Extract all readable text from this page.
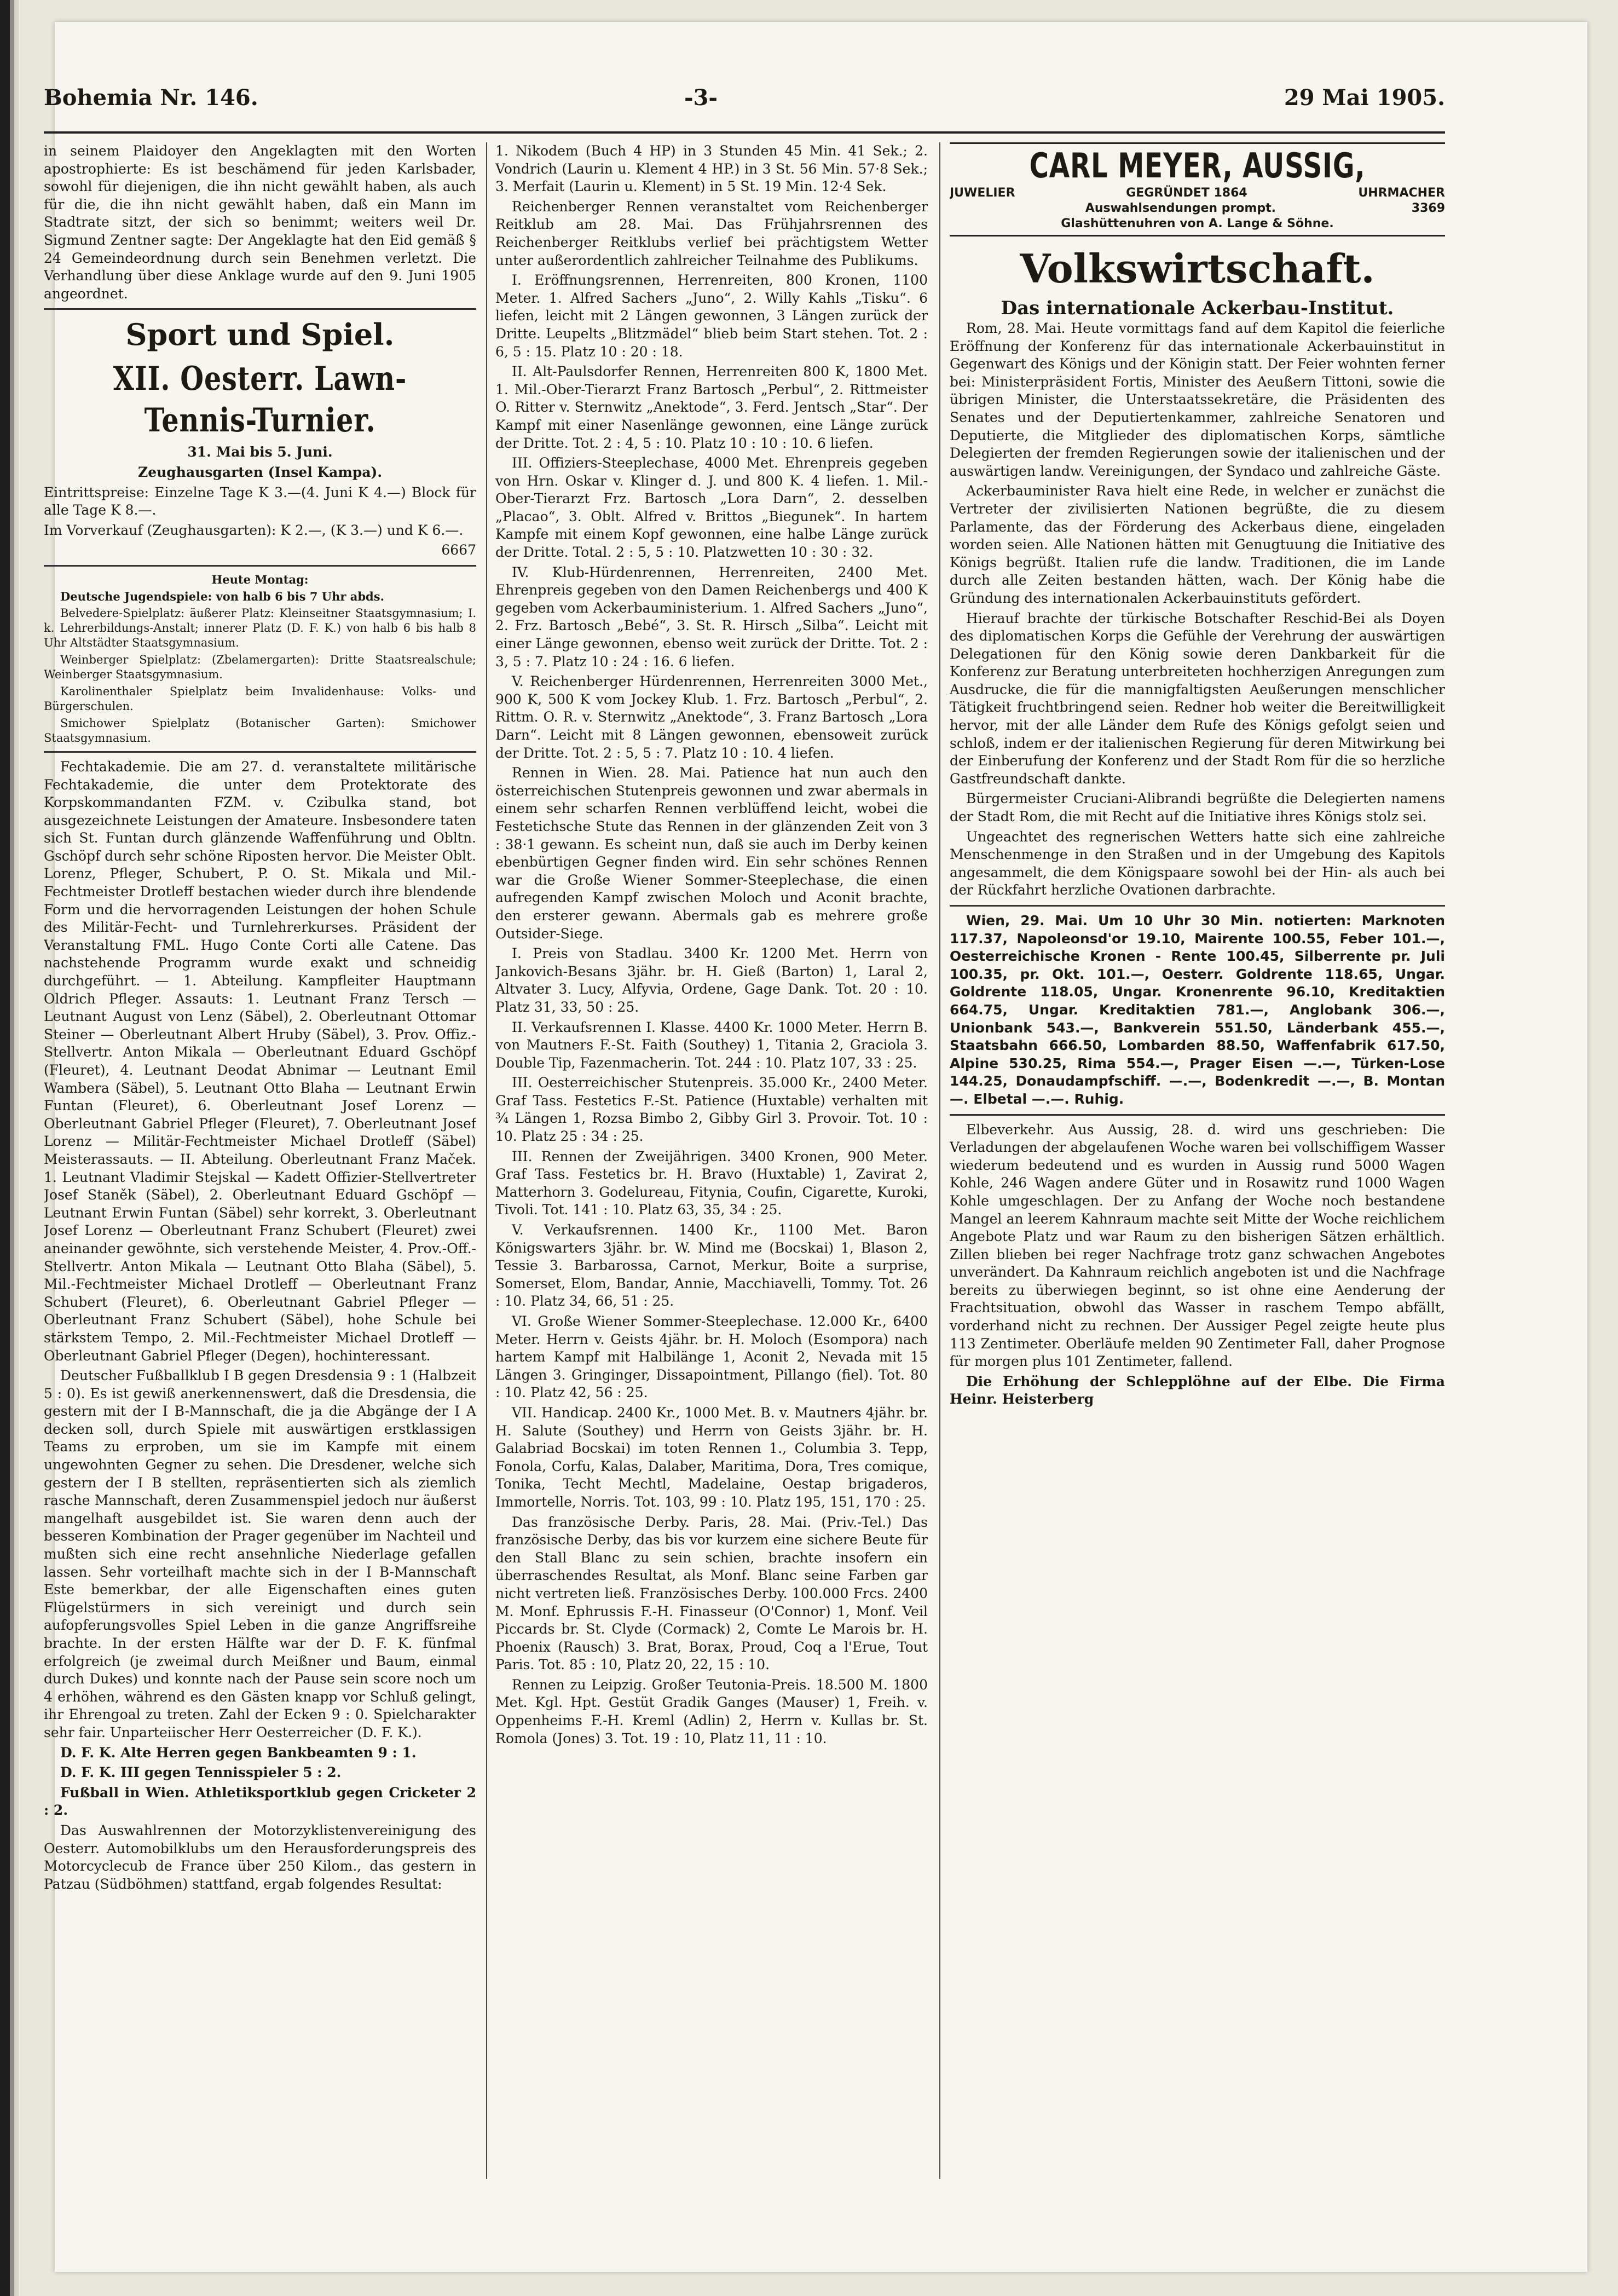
Bohemia Nr. 146.	-3-	29 Mai 1905.

in seinem Plaidoyer den Angeklagten mit den Worten apostrophierte: Es ist beschämend für jeden Karlsbader, sowohl für diejenigen, die ihn nicht gewählt haben, als auch für die, die ihn nicht gewählt haben, daß ein Mann im Stadtrate sitzt, der sich so benimmt; weiters weil Dr. Sigmund Zentner sagte: Der Angeklagte hat den Eid gemäß § 24 Gemeindeordnung durch sein Benehmen verletzt. Die Verhandlung über diese Anklage wurde auf den 9. Juni 1905 angeordnet.

Sport und Spiel.
XII. Oesterr. Lawn-Tennis-Turnier.

31. Mai bis 5. Juni.

Zeughausgarten (Insel Kampa).

Eintrittspreise: Einzelne Tage K 3.—(4. Juni K 4.—) Block für alle Tage K 8.—.

Im Vorverkauf (Zeughausgarten): K 2.—, (K 3.—) und K 6.—.

6667

Heute Montag:

Deutsche Jugendspiele: von halb 6 bis 7 Uhr abds.

Belvedere-Spielplatz: äußerer Platz: Kleinseitner Staatsgymnasium; I. k. Lehrerbildungs-Anstalt; innerer Platz (D. F. K.) von halb 6 bis halb 8 Uhr Altstädter Staatsgymnasium.

Weinberger Spielplatz: (Zbelamergarten): Dritte Staatsrealschule; Weinberger Staatsgymnasium.

Karolinenthaler Spielplatz beim Invalidenhause: Volks- und Bürgerschulen.

Smichower Spielplatz (Botanischer Garten): Smichower Staatsgymnasium.

Fechtakademie. Die am 27. d. veranstaltete militärische Fechtakademie, die unter dem Protektorate des Korpskommandanten FZM. v. Czibulka stand, bot ausgezeichnete Leistungen der Amateure. Insbesondere taten sich St. Funtan durch glänzende Waffenführung und Obltn. Gschöpf durch sehr schöne Riposten hervor. Die Meister Oblt. Lorenz, Pfleger, Schubert, P. O. St. Mikala und Mil.-Fechtmeister Drotleff bestachen wieder durch ihre blendende Form und die hervorragenden Leistungen der hohen Schule des Militär-Fecht- und Turnlehrerkurses. Präsident der Veranstaltung FML. Hugo Conte Corti alle Catene. Das nachstehende Programm wurde exakt und schneidig durchgeführt. — 1. Abteilung. Kampfleiter Hauptmann Oldrich Pfleger. Assauts: 1. Leutnant Franz Tersch — Leutnant August von Lenz (Säbel), 2. Oberleutnant Ottomar Steiner — Oberleutnant Albert Hruby (Säbel), 3. Prov. Offiz.-Stellvertr. Anton Mikala — Oberleutnant Eduard Gschöpf (Fleuret), 4. Leutnant Deodat Abnimar — Leutnant Emil Wambera (Säbel), 5. Leutnant Otto Blaha — Leutnant Erwin Funtan (Fleuret), 6. Oberleutnant Josef Lorenz — Oberleutnant Gabriel Pfleger (Fleuret), 7. Oberleutnant Josef Lorenz — Militär-Fechtmeister Michael Drotleff (Säbel) Meisterassauts. — II. Abteilung. Oberleutnant Franz Maček. 1. Leutnant Vladimir Stejskal — Kadett Offizier-Stellvertreter Josef Staněk (Säbel), 2. Oberleutnant Eduard Gschöpf — Leutnant Erwin Funtan (Säbel) sehr korrekt, 3. Oberleutnant Josef Lorenz — Oberleutnant Franz Schubert (Fleuret) zwei aneinander gewöhnte, sich verstehende Meister, 4. Prov.-Off.-Stellvertr. Anton Mikala — Leutnant Otto Blaha (Säbel), 5. Mil.-Fechtmeister Michael Drotleff — Oberleutnant Franz Schubert (Fleuret), 6. Oberleutnant Gabriel Pfleger — Oberleutnant Franz Schubert (Säbel), hohe Schule bei stärkstem Tempo, 2. Mil.-Fechtmeister Michael Drotleff — Oberleutnant Gabriel Pfleger (Degen), hochinteressant.

Deutscher Fußballklub I B gegen Dresdensia 9 : 1 (Halbzeit 5 : 0). Es ist gewiß anerkennenswert, daß die Dresdensia, die gestern mit der I B-Mannschaft, die ja die Abgänge der I A decken soll, durch Spiele mit auswärtigen erstklassigen Teams zu erproben, um sie im Kampfe mit einem ungewohnten Gegner zu sehen. Die Dresdener, welche sich gestern der I B stellten, repräsentierten sich als ziemlich rasche Mannschaft, deren Zusammenspiel jedoch nur äußerst mangelhaft ausgebildet ist. Sie waren denn auch der besseren Kombination der Prager gegenüber im Nachteil und mußten sich eine recht ansehnliche Niederlage gefallen lassen. Sehr vorteilhaft machte sich in der I B-Mannschaft Este bemerkbar, der alle Eigenschaften eines guten Flügelstürmers in sich vereinigt und durch sein aufopferungsvolles Spiel Leben in die ganze Angriffsreihe brachte. In der ersten Hälfte war der D. F. K. fünfmal erfolgreich (je zweimal durch Meißner und Baum, einmal durch Dukes) und konnte nach der Pause sein score noch um 4 erhöhen, während es den Gästen knapp vor Schluß gelingt, ihr Ehrengoal zu treten. Zahl der Ecken 9 : 0. Spielcharakter sehr fair. Unparteiischer Herr Oesterreicher (D. F. K.).

D. F. K. Alte Herren gegen Bankbeamten 9 : 1.

D. F. K. III gegen Tennisspieler 5 : 2.

Fußball in Wien. Athletiksportklub gegen Cricketer 2 : 2.

Das Auswahlrennen der Motorzyklistenvereinigung des Oesterr. Automobilklubs um den Herausforderungspreis des Motorcyclecub de France über 250 Kilom., das gestern in Patzau (Südböhmen) stattfand, ergab folgendes Resultat:

1. Nikodem (Buch 4 HP) in 3 Stunden 45 Min. 41 Sek.; 2. Vondrich (Laurin u. Klement 4 HP.) in 3 St. 56 Min. 57·8 Sek.; 3. Merfait (Laurin u. Klement) in 5 St. 19 Min. 12·4 Sek.

Reichenberger Rennen veranstaltet vom Reichenberger Reitklub am 28. Mai. Das Frühjahrsrennen des Reichenberger Reitklubs verlief bei prächtigstem Wetter unter außerordentlich zahlreicher Teilnahme des Publikums.

I. Eröffnungsrennen, Herrenreiten, 800 Kronen, 1100 Meter. 1. Alfred Sachers „Juno“, 2. Willy Kahls „Tisku“. 6 liefen, leicht mit 2 Längen gewonnen, 3 Längen zurück der Dritte. Leupelts „Blitzmädel“ blieb beim Start stehen. Tot. 2 : 6, 5 : 15. Platz 10 : 20 : 18.

II. Alt-Paulsdorfer Rennen, Herrenreiten 800 K, 1800 Met. 1. Mil.-Ober-Tierarzt Franz Bartosch „Perbul“, 2. Rittmeister O. Ritter v. Sternwitz „Anektode“, 3. Ferd. Jentsch „Star“. Der Kampf mit einer Nasenlänge gewonnen, eine Länge zurück der Dritte. Tot. 2 : 4, 5 : 10. Platz 10 : 10 : 10. 6 liefen.

III. Offiziers-Steeplechase, 4000 Met. Ehrenpreis gegeben von Hrn. Oskar v. Klinger d. J. und 800 K. 4 liefen. 1. Mil.-Ober-Tierarzt Frz. Bartosch „Lora Darn“, 2. desselben „Placao“, 3. Oblt. Alfred v. Brittos „Biegunek“. In hartem Kampfe mit einem Kopf gewonnen, eine halbe Länge zurück der Dritte. Total. 2 : 5, 5 : 10. Platzwetten 10 : 30 : 32.

IV. Klub-Hürdenrennen, Herrenreiten, 2400 Met. Ehrenpreis gegeben von den Damen Reichenbergs und 400 K gegeben vom Ackerbauministerium. 1. Alfred Sachers „Juno“, 2. Frz. Bartosch „Bebé“, 3. St. R. Hirsch „Silba“. Leicht mit einer Länge gewonnen, ebenso weit zurück der Dritte. Tot. 2 : 3, 5 : 7. Platz 10 : 24 : 16. 6 liefen.

V. Reichenberger Hürdenrennen, Herrenreiten 3000 Met., 900 K, 500 K vom Jockey Klub. 1. Frz. Bartosch „Perbul“, 2. Rittm. O. R. v. Sternwitz „Anektode“, 3. Franz Bartosch „Lora Darn“. Leicht mit 8 Längen gewonnen, ebensoweit zurück der Dritte. Tot. 2 : 5, 5 : 7. Platz 10 : 10. 4 liefen.

Rennen in Wien. 28. Mai. Patience hat nun auch den österreichischen Stutenpreis gewonnen und zwar abermals in einem sehr scharfen Rennen verblüffend leicht, wobei die Festetichsche Stute das Rennen in der glänzenden Zeit von 3 : 38·1 gewann. Es scheint nun, daß sie auch im Derby keinen ebenbürtigen Gegner finden wird. Ein sehr schönes Rennen war die Große Wiener Sommer-Steeplechase, die einen aufregenden Kampf zwischen Moloch und Aconit brachte, den ersterer gewann. Abermals gab es mehrere große Outsider-Siege.

I. Preis von Stadlau. 3400 Kr. 1200 Met. Herrn von Jankovich-Besans 3jähr. br. H. Gieß (Barton) 1, Laral 2, Altvater 3. Lucy, Alfyvia, Ordene, Gage Dank. Tot. 20 : 10. Platz 31, 33, 50 : 25.

II. Verkaufsrennen I. Klasse. 4400 Kr. 1000 Meter. Herrn B. von Mautners F.-St. Faith (Southey) 1, Titania 2, Graciola 3. Double Tip, Fazenmacherin. Tot. 244 : 10. Platz 107, 33 : 25.

III. Oesterreichischer Stutenpreis. 35.000 Kr., 2400 Meter. Graf Tass. Festetics F.-St. Patience (Huxtable) verhalten mit ¾ Längen 1, Rozsa Bimbo 2, Gibby Girl 3. Provoir. Tot. 10 : 10. Platz 25 : 34 : 25.

III. Rennen der Zweijährigen. 3400 Kronen, 900 Meter. Graf Tass. Festetics br. H. Bravo (Huxtable) 1, Zavirat 2, Matterhorn 3. Godelureau, Fitynia, Coufin, Cigarette, Kuroki, Tivoli. Tot. 141 : 10. Platz 63, 35, 34 : 25.

V. Verkaufsrennen. 1400 Kr., 1100 Met. Baron Königswarters 3jähr. br. W. Mind me (Bocskai) 1, Blason 2, Tessie 3. Barbarossa, Carnot, Merkur, Boite a surprise, Somerset, Elom, Bandar, Annie, Macchiavelli, Tommy. Tot. 26 : 10. Platz 34, 66, 51 : 25.

VI. Große Wiener Sommer-Steeplechase. 12.000 Kr., 6400 Meter. Herrn v. Geists 4jähr. br. H. Moloch (Esompora) nach hartem Kampf mit Halbilänge 1, Aconit 2, Nevada mit 15 Längen 3. Gringinger, Dissapointment, Pillango (fiel). Tot. 80 : 10. Platz 42, 56 : 25.

VII. Handicap. 2400 Kr., 1000 Met. B. v. Mautners 4jähr. br. H. Salute (Southey) und Herrn von Geists 3jähr. br. H. Galabriad Bocskai) im toten Rennen 1., Columbia 3. Tepp, Fonola, Corfu, Kalas, Dalaber, Maritima, Dora, Tres comique, Tonika, Techt Mechtl, Madelaine, Oestap brigaderos, Immortelle, Norris. Tot. 103, 99 : 10. Platz 195, 151, 170 : 25.

Das französische Derby. Paris, 28. Mai. (Priv.-Tel.) Das französische Derby, das bis vor kurzem eine sichere Beute für den Stall Blanc zu sein schien, brachte insofern ein überraschendes Resultat, als Monf. Blanc seine Farben gar nicht vertreten ließ. Französisches Derby. 100.000 Frcs. 2400 M. Monf. Ephrussis F.-H. Finasseur (O'Connor) 1, Monf. Veil Piccards br. St. Clyde (Cormack) 2, Comte Le Marois br. H. Phoenix (Rausch) 3. Brat, Borax, Proud, Coq a l'Erue, Tout Paris. Tot. 85 : 10, Platz 20, 22, 15 : 10.

Rennen zu Leipzig. Großer Teutonia-Preis. 18.500 M. 1800 Met. Kgl. Hpt. Gestüt Gradik Ganges (Mauser) 1, Freih. v. Oppenheims F.-H. Kreml (Adlin) 2, Herrn v. Kullas br. St. Romola (Jones) 3. Tot. 19 : 10, Platz 11, 11 : 10.

CARL MEYER, AUSSIG,
JUWELIER	GEGRÜNDET 1864	UHRMACHER
Auswahlsendungen prompt.	3369
Glashüttenuhren von A. Lange & Söhne.
Volkswirtschaft.
Das internationale Ackerbau-Institut.

Rom, 28. Mai. Heute vormittags fand auf dem Kapitol die feierliche Eröffnung der Konferenz für das internationale Ackerbauinstitut in Gegenwart des Königs und der Königin statt. Der Feier wohnten ferner bei: Ministerpräsident Fortis, Minister des Aeußern Tittoni, sowie die übrigen Minister, die Unterstaatssekretäre, die Präsidenten des Senates und der Deputiertenkammer, zahlreiche Senatoren und Deputierte, die Mitglieder des diplomatischen Korps, sämtliche Delegierten der fremden Regierungen sowie der italienischen und der auswärtigen landw. Vereinigungen, der Syndaco und zahlreiche Gäste.

Ackerbauminister Rava hielt eine Rede, in welcher er zunächst die Vertreter der zivilisierten Nationen begrüßte, die zu diesem Parlamente, das der Förderung des Ackerbaus diene, eingeladen worden seien. Alle Nationen hätten mit Genugtuung die Initiative des Königs begrüßt. Italien rufe die landw. Traditionen, die im Lande durch alle Zeiten bestanden hätten, wach. Der König habe die Gründung des internationalen Ackerbauinstituts gefördert.

Hierauf brachte der türkische Botschafter Reschid-Bei als Doyen des diplomatischen Korps die Gefühle der Verehrung der auswärtigen Delegationen für den König sowie deren Dankbarkeit für die Konferenz zur Beratung unterbreiteten hochherzigen Anregungen zum Ausdrucke, die für die mannigfaltigsten Aeußerungen menschlicher Tätigkeit fruchtbringend seien. Redner hob weiter die Bereitwilligkeit hervor, mit der alle Länder dem Rufe des Königs gefolgt seien und schloß, indem er der italienischen Regierung für deren Mitwirkung bei der Einberufung der Konferenz und der Stadt Rom für die so herzliche Gastfreundschaft dankte.

Bürgermeister Cruciani-Alibrandi begrüßte die Delegierten namens der Stadt Rom, die mit Recht auf die Initiative ihres Königs stolz sei.

Ungeachtet des regnerischen Wetters hatte sich eine zahlreiche Menschenmenge in den Straßen und in der Umgebung des Kapitols angesammelt, die dem Königspaare sowohl bei der Hin- als auch bei der Rückfahrt herzliche Ovationen darbrachte.

Wien, 29. Mai. Um 10 Uhr 30 Min. notierten: Marknoten 117.37, Napoleonsd'or 19.10, Mairente 100.55, Feber 101.—, Oesterreichische Kronen - Rente 100.45, Silberrente pr. Juli 100.35, pr. Okt. 101.—, Oesterr. Goldrente 118.65, Ungar. Goldrente 118.05, Ungar. Kronenrente 96.10, Kreditaktien 664.75, Ungar. Kreditaktien 781.—, Anglobank 306.—, Unionbank 543.—, Bankverein 551.50, Länderbank 455.—, Staatsbahn 666.50, Lombarden 88.50, Waffenfabrik 617.50, Alpine 530.25, Rima 554.—, Prager Eisen —.—, Türken-Lose 144.25, Donaudampfschiff. —.—, Bodenkredit —.—, B. Montan —. Elbetal —.—. Ruhig.

Elbeverkehr. Aus Aussig, 28. d. wird uns geschrieben: Die Verladungen der abgelaufenen Woche waren bei vollschiffigem Wasser wiederum bedeutend und es wurden in Aussig rund 5000 Wagen Kohle, 246 Wagen andere Güter und in Rosawitz rund 1000 Wagen Kohle umgeschlagen. Der zu Anfang der Woche noch bestandene Mangel an leerem Kahnraum machte seit Mitte der Woche reichlichem Angebote Platz und war Raum zu den bisherigen Sätzen erhältlich. Zillen blieben bei reger Nachfrage trotz ganz schwachen Angebotes unverändert. Da Kahnraum reichlich angeboten ist und die Nachfrage bereits zu überwiegen beginnt, so ist ohne eine Aenderung der Frachtsituation, obwohl das Wasser in raschem Tempo abfällt, vorderhand nicht zu rechnen. Der Aussiger Pegel zeigte heute plus 113 Zentimeter. Oberläufe melden 90 Zentimeter Fall, daher Prognose für morgen plus 101 Zentimeter, fallend.

Die Erhöhung der Schlepplöhne auf der Elbe. Die Firma Heinr. Heisterberg
